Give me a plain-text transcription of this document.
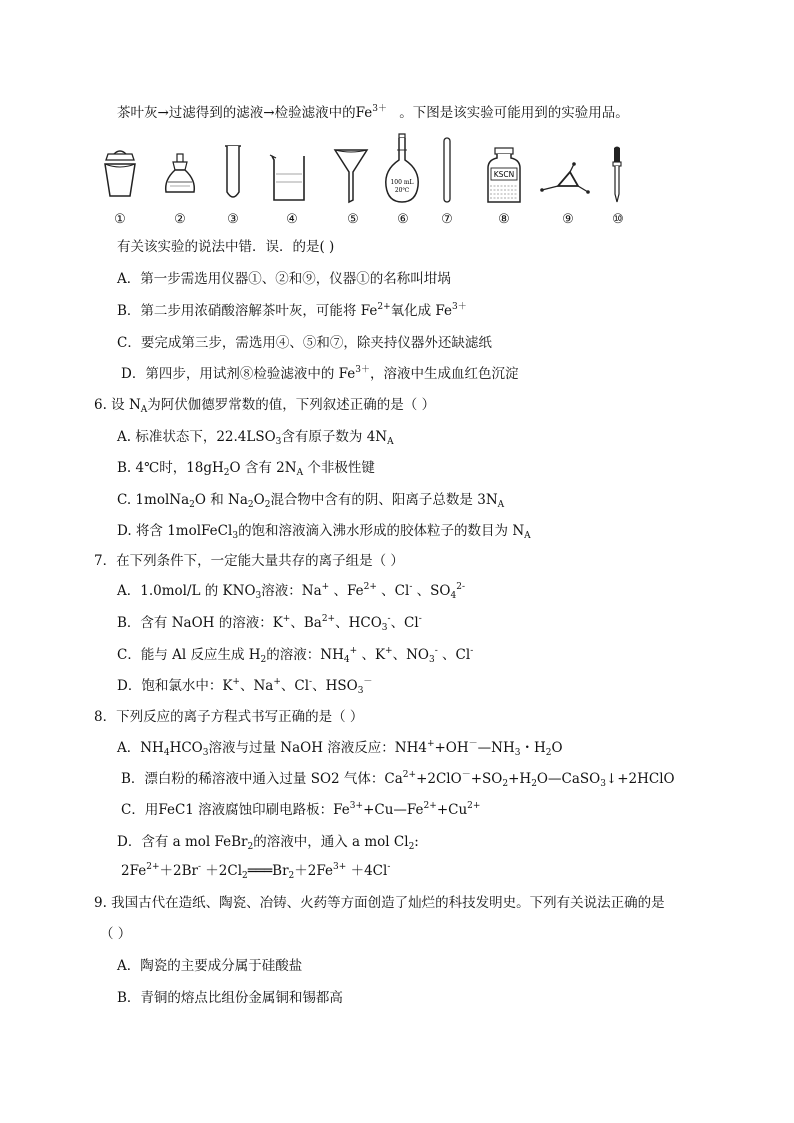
茶叶灰→过滤得到的滤液→检验滤液中的$Fe^{3+}$ 。下图是该实验可能用到的实验用品。
100 mL
20℃
KSCN
①	②	③	④	⑤	⑥	⑦	⑧	⑨	⑩
有关该实验的说法中错．误．的是( )
A．第一步需选用仪器①、②和⑨，仪器①的名称叫坩埚
B．第二步用浓硝酸溶解茶叶灰，可能将 $Fe^{2+}$氧化成 $Fe^{3+}$
C．要完成第三步，需选用④、⑤和⑦，除夹持仪器外还缺滤纸
D．第四步，用试剂⑧检验滤液中的 $Fe^{3+}$，溶液中生成血红色沉淀
6. 设 $N_A$为阿伏伽德罗常数的值，下列叙述正确的是（ ）
A. 标准状态下，$22.4LSO_3$含有原子数为 $4N_A$
B. 4℃时，$18gH_2O$ 含有 $2N_A$ 个非极性键
C. 1molNa$_2$O 和 $Na_2O_2$混合物中含有的阴、阳离子总数是 $3N_A$
D. 将含 1molFeCl$_3$的饱和溶液滴入沸水形成的胶体粒子的数目为 $N_A$
7．在下列条件下，一定能大量共存的离子组是（ ）
A．1.0mol/L 的 $KNO_3$溶液：Na+ 、$Fe^{2+}$ 、Cl- 、$SO_4^{2-}$
B．含有 NaOH 的溶液：K+、$Ba^{2+}$、$HCO_3^-$、Cl-
C．能与 Al 反应生成 $H_2$的溶液：$NH_4^+$ 、K+、$NO_3^-$ 、Cl-
D．饱和氯水中：K+、Na+、Cl-、$HSO_3^-$
8．下列反应的离子方程式书写正确的是（ ）
A．$NH_4HCO_3$溶液与过量 NaOH 溶液反应：$NH4^++OH^-—NH_3$・$H_2O$
B．漂白粉的稀溶液中通入过量 SO2 气体：$Ca^{2+}+2ClO^-+SO_2+H_2O—CaSO_3↓+2HClO$
C．用FeC1 溶液腐蚀印刷电路板：$Fe^{3+}+Cu—Fe^{2+}+Cu^{2+}$
D．含有 a mol FeBr$_2$的溶液中，通入 a mol $Cl_2$:
$2Fe^{2+}+2Br^-$ $+2Cl_2═══Br_2+2Fe^{3+} +4Cl^-$
9. 我国古代在造纸、陶瓷、冶铸、火药等方面创造了灿烂的科技发明史。下列有关说法正确的是
（ ）
A．陶瓷的主要成分属于硅酸盐
B．青铜的熔点比组份金属铜和锡都高
